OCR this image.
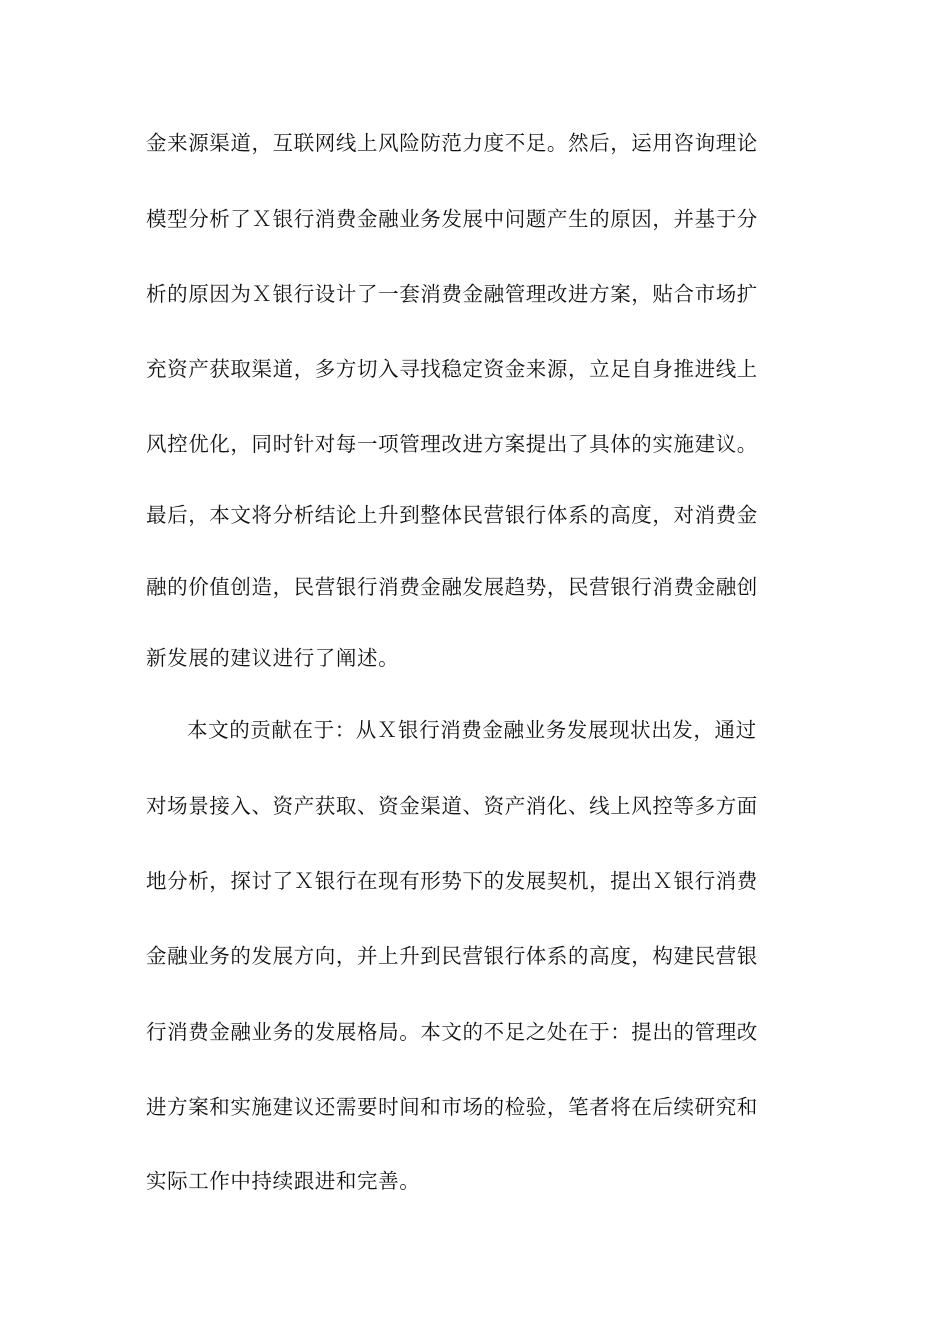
金来源渠道，互联网线上风险防范力度不足。然后，运用咨询理论
模型分析了Ｘ银行消费金融业务发展中问题产生的原因，并基于分
析的原因为Ｘ银行设计了一套消费金融管理改进方案，贴合市场扩
充资产获取渠道，多方切入寻找稳定资金来源，立足自身推进线上
风控优化，同时针对每一项管理改进方案提出了具体的实施建议。
最后，本文将分析结论上升到整体民营银行体系的高度，对消费金
融的价值创造，民营银行消费金融发展趋势，民营银行消费金融创
新发展的建议进行了阐述。
本文的贡献在于：从Ｘ银行消费金融业务发展现状出发，通过
对场景接入、资产获取、资金渠道、资产消化、线上风控等多方面
地分析，探讨了Ｘ银行在现有形势下的发展契机，提出Ｘ银行消费
金融业务的发展方向，并上升到民营银行体系的高度，构建民营银
行消费金融业务的发展格局。本文的不足之处在于：提出的管理改
进方案和实施建议还需要时间和市场的检验，笔者将在后续研究和
实际工作中持续跟进和完善。
